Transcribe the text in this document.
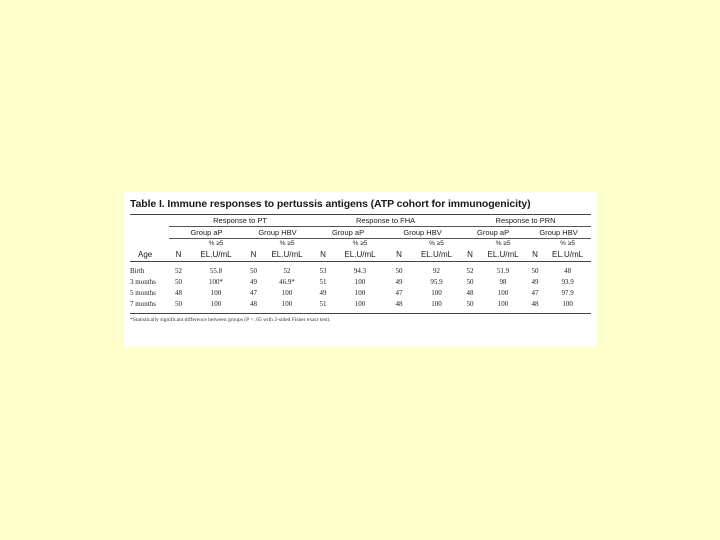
Table I. Immune responses to pertussis antigens (ATP cohort for immunogenicity)
	Response to PT				Response to FHA				Response to PRN			
	Group aP		Group HBV		Group aP		Group HBV		Group aP		Group HBV	
		% ≥5		% ≥5		% ≥5		% ≥5		% ≥5		% ≥5
Age	N	EL.U/mL	N	EL.U/mL	N	EL.U/mL	N	EL.U/mL	N	EL.U/mL	N	EL.U/mL
Birth	52	55.8	50	52	53	94.3	50	92	52	51.9	50	48
3 months	50	100*	49	46.9*	51	100	49	95.9	50	98	49	93.9
5 months	48	100	47	100	49	100	47	100	48	100	47	97.9
7 months	50	100	48	100	51	100	48	100	50	100	48	100
*Statistically significant difference between groups (P < .05 with 2-sided Fisher exact test).
